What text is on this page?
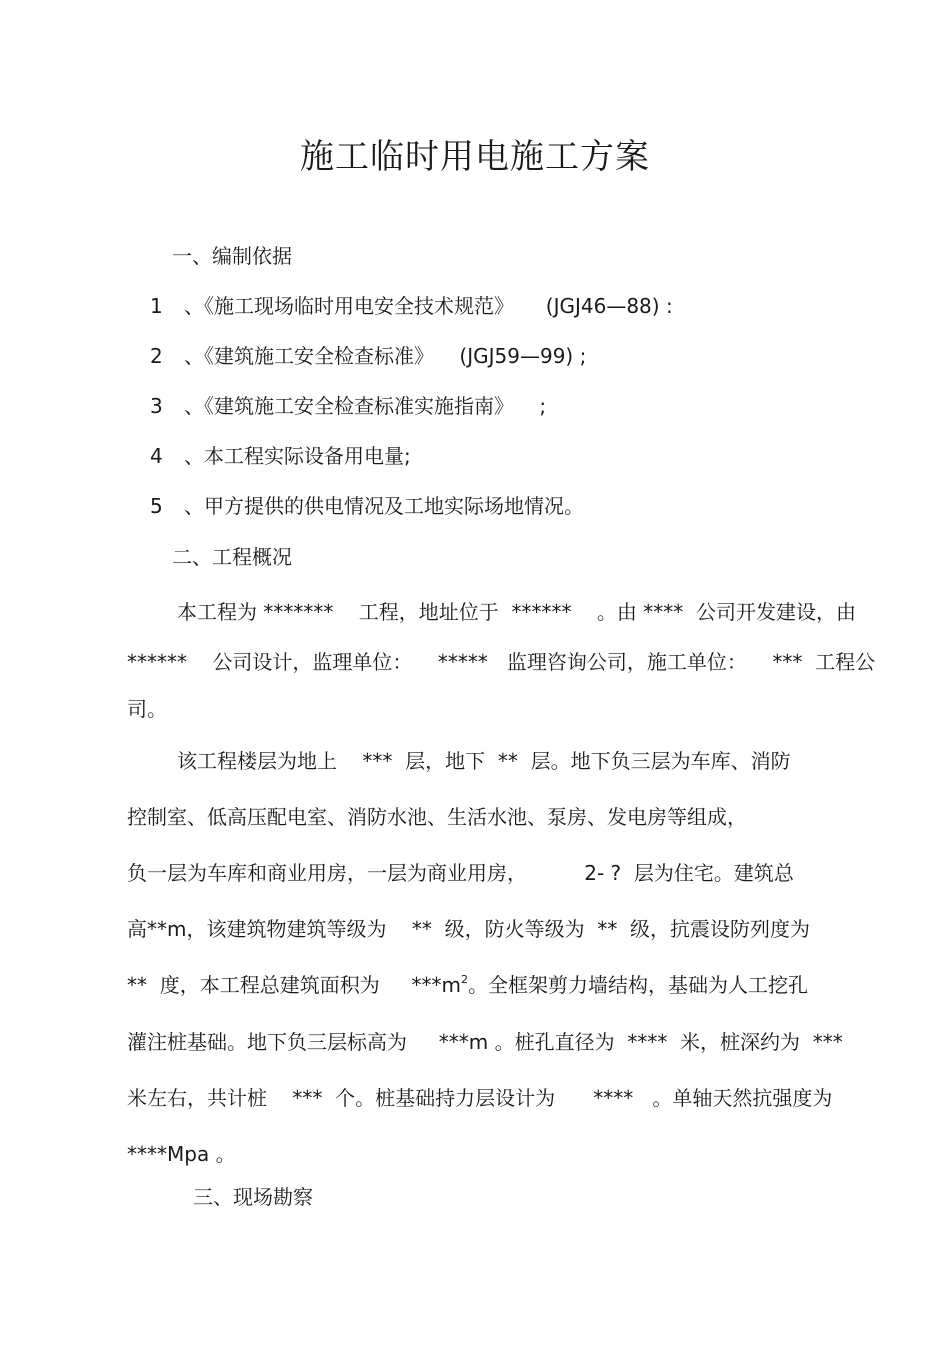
施工临时用电施工方案
一、编制依据
1 、《施工现场临时用电安全技术规范》     (JGJ46—88) :
2 、《建筑施工安全检查标准》    (JGJ59—99) ;
3 、《建筑施工安全检查标准实施指南》    ;
4 、本工程实际设备用电量;
5 、甲方提供的供电情况及工地实际场地情况。
二、工程概况
本工程为 *******    工程，地址位于  ******    。由 ****  公司开发建设，由
******    公司设计，监理单位：    *****   监理咨询公司，施工单位：    ***  工程公
司。
该工程楼层为地上    ***  层，地下  **  层。地下负三层为车库、消防
控制室、低高压配电室、消防水池、生活水池、泵房、发电房等组成，
负一层为车库和商业用房，一层为商业用房，         2- ?  层为住宅。建筑总
高**m，该建筑物建筑等级为    **  级，防火等级为  **  级，抗震设防列度为
**  度，本工程总建筑面积为     $***m^2$。全框架剪力墙结构，基础为人工挖孔
灌注桩基础。地下负三层标高为     ***m 。桩孔直径为  ****  米，桩深约为  ***
米左右，共计桩    ***  个。桩基础持力层设计为      ****   。单轴天然抗强度为
****Mpa 。
三、现场勘察
